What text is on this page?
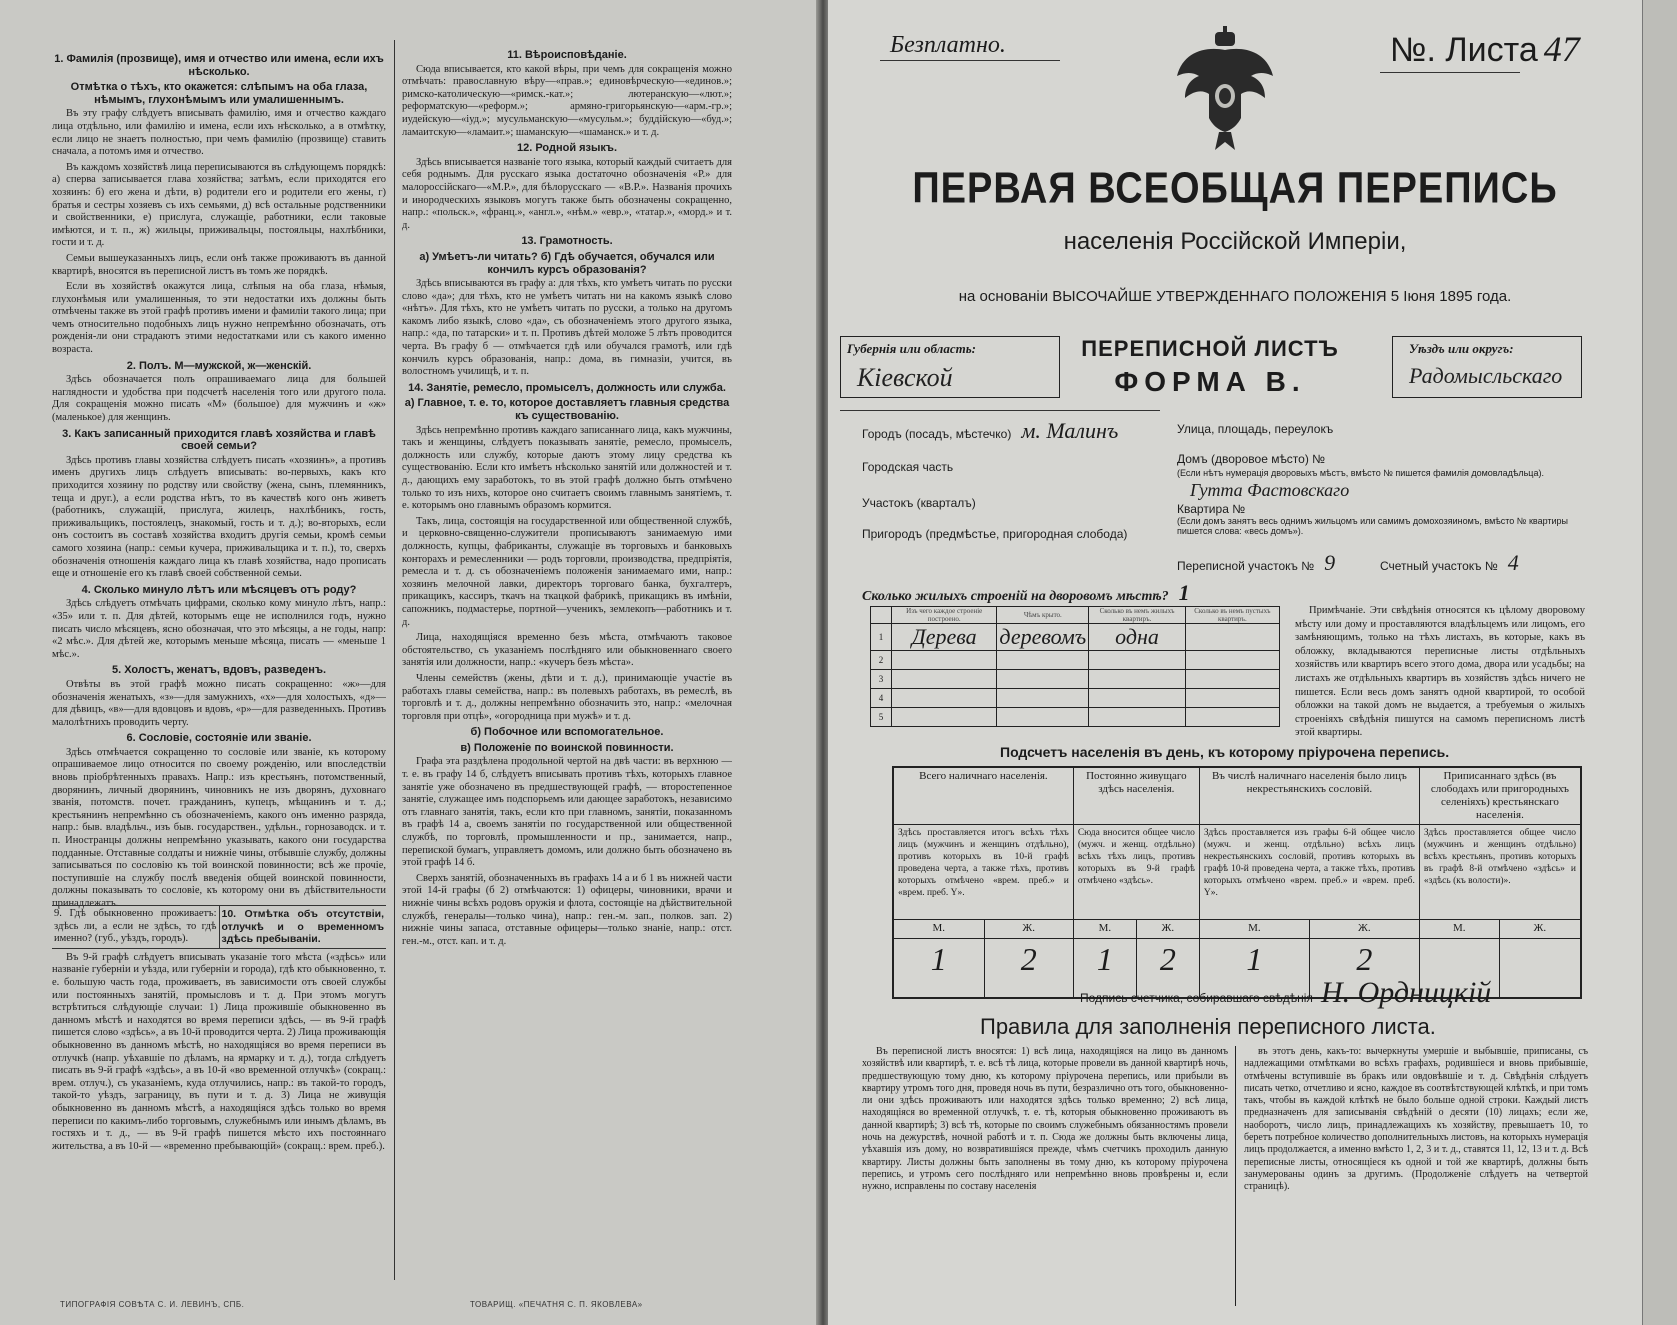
1. Фамилія (прозвище), имя и отчество или имена, если ихъ нѣсколько.
Отмѣтка о тѣхъ, кто окажется: слѣпымъ на оба глаза, нѣмымъ, глухонѣмымъ или умалишеннымъ.

Въ эту графу слѣдуетъ вписывать фамилію, имя и отчество каждаго лица отдѣльно, или фамилію и имена, если ихъ нѣсколько, а в отмѣтку, если лицо не знаетъ полностью, при чемъ фамилію (прозвище) ставить сначала, а потомъ имя и отчество.

Въ каждомъ хозяйствѣ лица переписываются въ слѣдующемъ порядкѣ: а) сперва записывается глава хозяйства; затѣмъ, если приходятся его хозяинъ: б) его жена и дѣти, в) родители его и родители его жены, г) братья и сестры хозяевъ съ ихъ семьями, д) всѣ остальные родственники и свойственники, е) прислуга, служащіе, работники, если таковые имѣются, и т. п., ж) жильцы, приживальцы, постояльцы, нахлѣбники, гости и т. д.

Семьи вышеуказанныхъ лицъ, если онѣ также проживаютъ въ данной квартирѣ, вносятся въ переписной листъ въ томъ же порядкѣ.

Если въ хозяйствѣ окажутся лица, слѣпыя на оба глаза, нѣмыя, глухонѣмыя или умалишенныя, то эти недостатки ихъ должны быть отмѣчены также въ этой графѣ противъ имени и фамиліи такого лица; при чемъ относительно подобныхъ лицъ нужно непремѣнно обозначать, отъ рожденія-ли они страдаютъ этими недостатками или съ какого именно возраста.

2. Полъ. М—мужской, ж—женскій.

Здѣсь обозначается полъ опрашиваемаго лица для большей наглядности и удобства при подсчетѣ населенія того или другого пола. Для сокращенія можно писать «М» (большое) для мужчинъ и «ж» (маленькое) для женщинъ.

3. Какъ записанный приходится главѣ хозяйства и главѣ своей семьи?

Здѣсь противъ главы хозяйства слѣдуетъ писать «хозяинъ», а противъ именъ другихъ лицъ слѣдуетъ вписывать: во-первыхъ, какъ кто приходится хозяину по родству или свойству (жена, сынъ, племянникъ, теща и друг.), а если родства нѣтъ, то въ качествѣ кого онъ живетъ (работникъ, служащій, прислуга, жилецъ, нахлѣбникъ, гость, приживальщикъ, постоялецъ, знакомый, гость и т. д.); во-вторыхъ, если онъ состоитъ въ составѣ хозяйства входитъ другія семьи, кромѣ семьи самого хозяина (напр.: семьи кучера, приживальщика и т. п.), то, сверхъ обозначенія отношенія каждаго лица къ главѣ хозяйства, надо прописать еще и отношеніе его къ главѣ своей собственной семьи.

4. Сколько минуло лѣтъ или мѣсяцевъ отъ роду?

Здѣсь слѣдуетъ отмѣчать цифрами, сколько кому минуло лѣтъ, напр.: «35» или т. п. Для дѣтей, которымъ еще не исполнился годъ, нужно писать число мѣсяцевъ, ясно обозначая, что это мѣсяцы, а не годы, напр: «2 мѣс.». Для дѣтей же, которымъ меньше мѣсяца, писать — «меньше 1 мѣс.».

5. Холостъ, женатъ, вдовъ, разведенъ.

Отвѣты въ этой графѣ можно писать сокращенно: «ж»—для обозначенія женатыхъ, «з»—для замужнихъ, «х»—для холостыхъ, «д»—для дѣвицъ, «в»—для вдовцовъ и вдовъ, «р»—для разведенныхъ. Противъ малолѣтнихъ проводить черту.

6. Сословіе, состояніе или званіе.

Здѣсь отмѣчается сокращенно то сословіе или званіе, къ которому опрашиваемое лицо относится по своему рожденію, или впоследствіи вновь пріобрѣтенныхъ правахъ. Напр.: изъ крестьянъ, потомственный, дворянинъ, личный дворянинъ, чиновникъ не изъ дворянъ, духовнаго званія, потомств. почет. гражданинъ, купецъ, мѣщанинъ и т. д.; крестьянинъ непремѣнно съ обозначеніемъ, какого онъ именно разряда, напр.: быв. владѣльч., изъ быв. государствен., удѣльн., горнозаводск. и т. п. Иностранцы должны непремѣнно указывать, какого они государства подданные. Отставные солдаты и нижніе чины, отбывшіе службу, должны записываться по сословію къ той воинской повинности; всѣ же прочіе, поступившіе на службу послѣ введенія общей воинской повинности, должны показывать то сословіе, къ которому они въ дѣйствительности принадлежатъ.

9. Гдѣ обыкновенно проживаетъ: здѣсь ли, а если не здѣсь, то гдѣ именно? (губ., уѣздъ, городъ).
10. Отмѣтка объ отсутствіи, отлучкѣ и о временномъ здѣсь пребываніи.

Въ 9-й графѣ слѣдуетъ вписывать указаніе того мѣста («здѣсь» или названіе губерніи и уѣзда, или губерніи и города), гдѣ кто обыкновенно, т. е. большую часть года, проживаетъ, въ зависимости отъ своей службы или постоянныхъ занятій, промысловъ и т. д. При этомъ могутъ встрѣтиться слѣдующіе случаи: 1) Лица прожившіе обыкновенно въ данномъ мѣстѣ и находятся во время переписи здѣсь, — въ 9-й графѣ пишется слово «здѣсь», а въ 10-й проводится черта. 2) Лица проживающія обыкновенно въ данномъ мѣстѣ, но находящіяся во время переписи въ отлучкѣ (напр. уѣхавшіе по дѣламъ, на ярмарку и т. д.), тогда слѣдуетъ писать въ 9-й графѣ «здѣсь», а въ 10-й «во временной отлучкѣ» (сокращ.: врем. отлуч.), съ указаніемъ, куда отлучились, напр.: въ такой-то городъ, такой-то уѣздъ, заграницу, въ пути и т. д. 3) Лица не живущія обыкновенно въ данномъ мѣстѣ, а находящіяся здѣсь только во время переписи по какимъ-либо торговымъ, служебнымъ или инымъ дѣламъ, въ гостяхъ и т. д., — въ 9-й графѣ пишется мѣсто ихъ постояннаго жительства, а въ 10-й — «временно пребывающій» (сокращ.: врем. преб.).

11. Вѣроисповѣданіе.

Сюда вписывается, кто какой вѣры, при чемъ для сокращенія можно отмѣчать: православную вѣру—«прав.»; единовѣрческую—«единов.»; римско-католическую—«римск.-кат.»; лютеранскую—«лют.»; реформатскую—«реформ.»; армяно-григорьянскую—«арм.-гр.»; иудейскую—«іуд.»; мусульманскую—«мусульм.»; буддійскую—«буд.»; ламаитскую—«ламаит.»; шаманскую—«шаманск.» и т. д.

12. Родной языкъ.

Здѣсь вписывается названіе того языка, который каждый считаетъ для себя роднымъ. Для русскаго языка достаточно обозначенія «Р.» для малороссійскаго—«М.Р.», для бѣлорусскаго — «В.Р.». Названія прочихъ и инородческихъ языковъ могутъ также быть обозначены сокращенно, напр.: «польск.», «франц.», «англ.», «нѣм.» «евр.», «татар.», «морд.» и т. д.

13. Грамотность.
а) Умѣетъ-ли читать? б) Гдѣ обучается, обучался или кончилъ курсъ образованія?

Здѣсь вписываются въ графу а: для тѣхъ, кто умѣетъ читать по русски слово «да»; для тѣхъ, кто не умѣетъ читать ни на какомъ языкѣ слово «нѣтъ». Для тѣхъ, кто не умѣетъ читать по русски, а только на другомъ какомъ либо языкѣ, слово «да», съ обозначеніемъ этого другого языка, напр.: «да, по татарски» и т. п. Противъ дѣтей моложе 5 лѣтъ проводится черта. Въ графу б — отмѣчается гдѣ или обучался грамотѣ, или гдѣ кончилъ курсъ образованія, напр.: дома, въ гимназіи, учится, въ волостномъ училищѣ, и т. п.

14. Занятіе, ремесло, промыселъ, должность или служба.
а) Главное, т. е. то, которое доставляетъ главныя средства къ существованію.

Здѣсь непремѣнно противъ каждаго записаннаго лица, какъ мужчины, такъ и женщины, слѣдуетъ показывать занятіе, ремесло, промыселъ, должность или службу, которые даютъ этому лицу средства къ существованію. Если кто имѣетъ нѣсколько занятій или должностей и т. д., дающихъ ему заработокъ, то въ этой графѣ должно быть отмѣчено только то изъ нихъ, которое оно считаетъ своимъ главнымъ занятіемъ, т. е. которымъ оно главнымъ образомъ кормится.

Такъ, лица, состоящія на государственной или общественной службѣ, и церковно-священно-служители прописываютъ занимаемую ими должность, купцы, фабриканты, служащіе въ торговыхъ и банковыхъ конторахъ и ремесленники — родъ торговли, производства, предпріятія, ремесла и т. д. съ обозначеніемъ положенія занимаемаго ими, напр.: хозяинъ мелочной лавки, директоръ торговаго банка, бухгалтеръ, прикащикъ, кассиръ, ткачъ на ткацкой фабрикѣ, прикащикъ въ имѣніи, сапожникъ, подмастерье, портной—ученикъ, землекопъ—работникъ и т. д.

Лица, находящіяся временно безъ мѣста, отмѣчаютъ таковое обстоятельство, съ указаніемъ послѣдняго или обыкновеннаго своего занятія или должности, напр.: «кучеръ безъ мѣста».

Члены семействъ (жены, дѣти и т. д.), принимающіе участіе въ работахъ главы семейства, напр.: въ полевыхъ работахъ, въ ремеслѣ, въ торговлѣ и т. д., должны непремѣнно обозначить это, напр.: «мелочная торговля при отцѣ», «огородница при мужѣ» и т. д.

б) Побочное или вспомогательное.
в) Положеніе по воинской повинности.

Графа эта раздѣлена продольной чертой на двѣ части: въ верхнюю — т. е. въ графу 14 б, слѣдуетъ вписывать противъ тѣхъ, которыхъ главное занятіе уже обозначено въ предшествующей графѣ, — второстепенное занятіе, служащее имъ подспорьемъ или дающее заработокъ, независимо отъ главнаго занятія, такъ, если кто при главномъ, занятіи, показанномъ въ графѣ 14 а, своемъ занятіи по государственной или общественной службѣ, по торговлѣ, промышленности и пр., занимается, напр., перепиской бумагъ, управляетъ домомъ, или должно быть обозначено въ этой графѣ 14 б.

Сверхъ занятій, обозначенныхъ въ графахъ 14 а и б 1 въ нижней части этой 14-й графы (б 2) отмѣчаются: 1) офицеры, чиновники, врачи и нижніе чины всѣхъ родовъ оружія и флота, состоящіе на дѣйствительной службѣ, генералы—только чина), напр.: ген.-м. зап., полков. зап. 2) нижніе чины запаса, отставные офицеры—только знаніе, напр.: отст. ген.-м., отст. кап. и т. д.

ТИПОГРАФІЯ СОВѢТА С. И. ЛЕВИНЪ, СПБ.	ТОВАРИЩ. «ПЕЧАТНЯ С. П. ЯКОВЛЕВА»
Безплатно.	№. Листа 47
ПЕРВАЯ ВСЕОБЩАЯ ПЕРЕПИСЬ
населенія Россійской Имперіи,
на основаніи ВЫСОЧАЙШЕ УТВЕРЖДЕННАГО ПОЛОЖЕНІЯ 5 Іюня 1895 года.
Губернія или область:
Кіевской
ПЕРЕПИСНОЙ ЛИСТЪ
ФОРМА В.
Уѣздъ или округъ:
Радомысльскаго
Городъ (посадъ, мѣстечко) м. Малинъ
Городская часть
Участокъ (кварталъ)
Пригородъ (предмѣстье, пригородная слобода)
Улица, площадь, переулокъ
Домъ (дворовое мѣсто) №
(Если нѣтъ нумерація дворовыхъ мѣстъ, вмѣсто № пишется фамилія домовладѣльца).
Гутта Фастовскаго
Квартира №
(Если домъ занятъ весь однимъ жильцомъ или самимъ домохозяиномъ, вмѣсто № квартиры пишется слова: «весь домъ»).
Переписной участокъ № 9	Счетный участокъ № 4
Сколько жилыхъ строеній на дворовомъ мѣстѣ? 1
	Изъ чего каждое строеніе построено.	Чѣмъ крыто.	Сколько въ немъ жилыхъ квартиръ.	Сколько въ немъ пустыхъ квартиръ.
1	Дерева	деревомъ	одна	
2				
3				
4				
5				

Примѣчаніе. Эти свѣдѣнія относятся къ цѣлому дворовому мѣсту или дому и проставляются владѣльцемъ или лицомъ, его замѣняющимъ, только на тѣхъ листахъ, въ которые, какъ въ обложку, вкладываются переписные листы отдѣльныхъ хозяйствъ или квартиръ всего этого дома, двора или усадьбы; на листахъ же отдѣльныхъ квартиръ въ хозяйствъ здѣсь ничего не пишется. Если весь домъ занятъ одной квартирой, то особой обложки на такой домъ не выдается, а требуемыя о жилыхъ строеніяхъ свѣдѣнія пишутся на самомъ переписномъ листѣ этой квартиры.

Подсчетъ населенія въ день, къ которому пріурочена перепись.
Всего наличнаго населенія.		Постоянно живущаго здѣсь населенія.		Въ числѣ наличнаго населенія было лицъ некрестьянскихъ сословій.		Приписаннаго здѣсь (въ слободахъ или пригородныхъ селеніяхъ) крестьянскаго населенія.	
Здѣсь проставляется итогъ всѣхъ тѣхъ лицъ (мужчинъ и женщинъ отдѣльно), противъ которыхъ въ 10-й графѣ проведена черта, а также тѣхъ, противъ которыхъ отмѣчено «врем. преб.» и «врем. преб. Y».		Сюда вносится общее число (мужч. и женщ. отдѣльно) всѣхъ тѣхъ лицъ, противъ которыхъ въ 9-й графѣ отмѣчено «здѣсь».		Здѣсь проставляется изъ графы 6-й общее число (мужч. и женщ. отдѣльно) всѣхъ лицъ некрестьянскихъ сословій, противъ которыхъ въ графѣ 10-й проведена черта, а также тѣхъ, противъ которыхъ отмѣчено «врем. преб.» и «врем. преб. Y».		Здѣсь проставляется общее число (мужчинъ и женщинъ отдѣльно) всѣхъ крестьянъ, противъ которыхъ въ графѣ 8-й отмѣчено «здѣсь» и «здѣсь (къ волости)».	
М.	Ж.	М.	Ж.	М.	Ж.	М.	Ж.
1	2	1	2	1	2		
Подпись счетчика, собиравшаго свѣдѣнія Н. Ордницкій
Правила для заполненія переписного листа.

Въ переписной листъ вносятся: 1) всѣ лица, находящіяся на лицо въ данномъ хозяйствѣ или квартирѣ, т. е. всѣ тѣ лица, которые провели въ данной квартирѣ ночь, предшествующую тому дню, къ которому пріурочена перепись, или прибыли въ квартиру утромъ того дня, проведя ночь въ пути, безразлично отъ того, обыкновенно-ли они здѣсь проживаютъ или находятся здѣсь только временно; 2) всѣ лица, находящіяся во временной отлучкѣ, т. е. тѣ, которыя обыкновенно проживаютъ въ данной квартирѣ; 3) всѣ тѣ, которые по своимъ служебнымъ обязанностямъ провели ночь на дежурствѣ, ночной работѣ и т. п. Сюда же должны быть включены лица, уѣхавшія изъ дому, но возвратившіяся прежде, чѣмъ счетчикъ проходилъ данную квартиру. Листы должны быть заполнены въ тому дню, къ которому пріурочена перепись, и утромъ сего послѣдняго или непремѣнно вновь провѣрены и, если нужно, исправлены по составу населенія

въ этотъ день, какъ-то: вычеркнуты умершіе и выбывшіе, приписаны, съ надлежащими отмѣтками во всѣхъ графахъ, родившіеся и вновь прибывшіе, отмѣчены вступившіе въ бракъ или овдовѣвшіе и т. д. Свѣдѣнія слѣдуетъ писать четко, отчетливо и ясно, каждое въ соотвѣтствующей клѣткѣ, и при томъ такъ, чтобы въ каждой клѣткѣ не было больше одной строки. Каждый листъ предназначенъ для записыванія свѣдѣній о десяти (10) лицахъ; если же, наоборотъ, число лицъ, принадлежащихъ къ хозяйству, превышаетъ 10, то беретъ потребное количество дополнительныхъ листовъ, на которыхъ нумерація лицъ продолжается, а именно вмѣсто 1, 2, 3 и т. д., ставятся 11, 12, 13 и т. д. Всѣ переписные листы, относящіеся къ одной и той же квартирѣ, должны быть занумерованы одинъ за другимъ. (Продолженіе слѣдуетъ на четвертой страницѣ).
